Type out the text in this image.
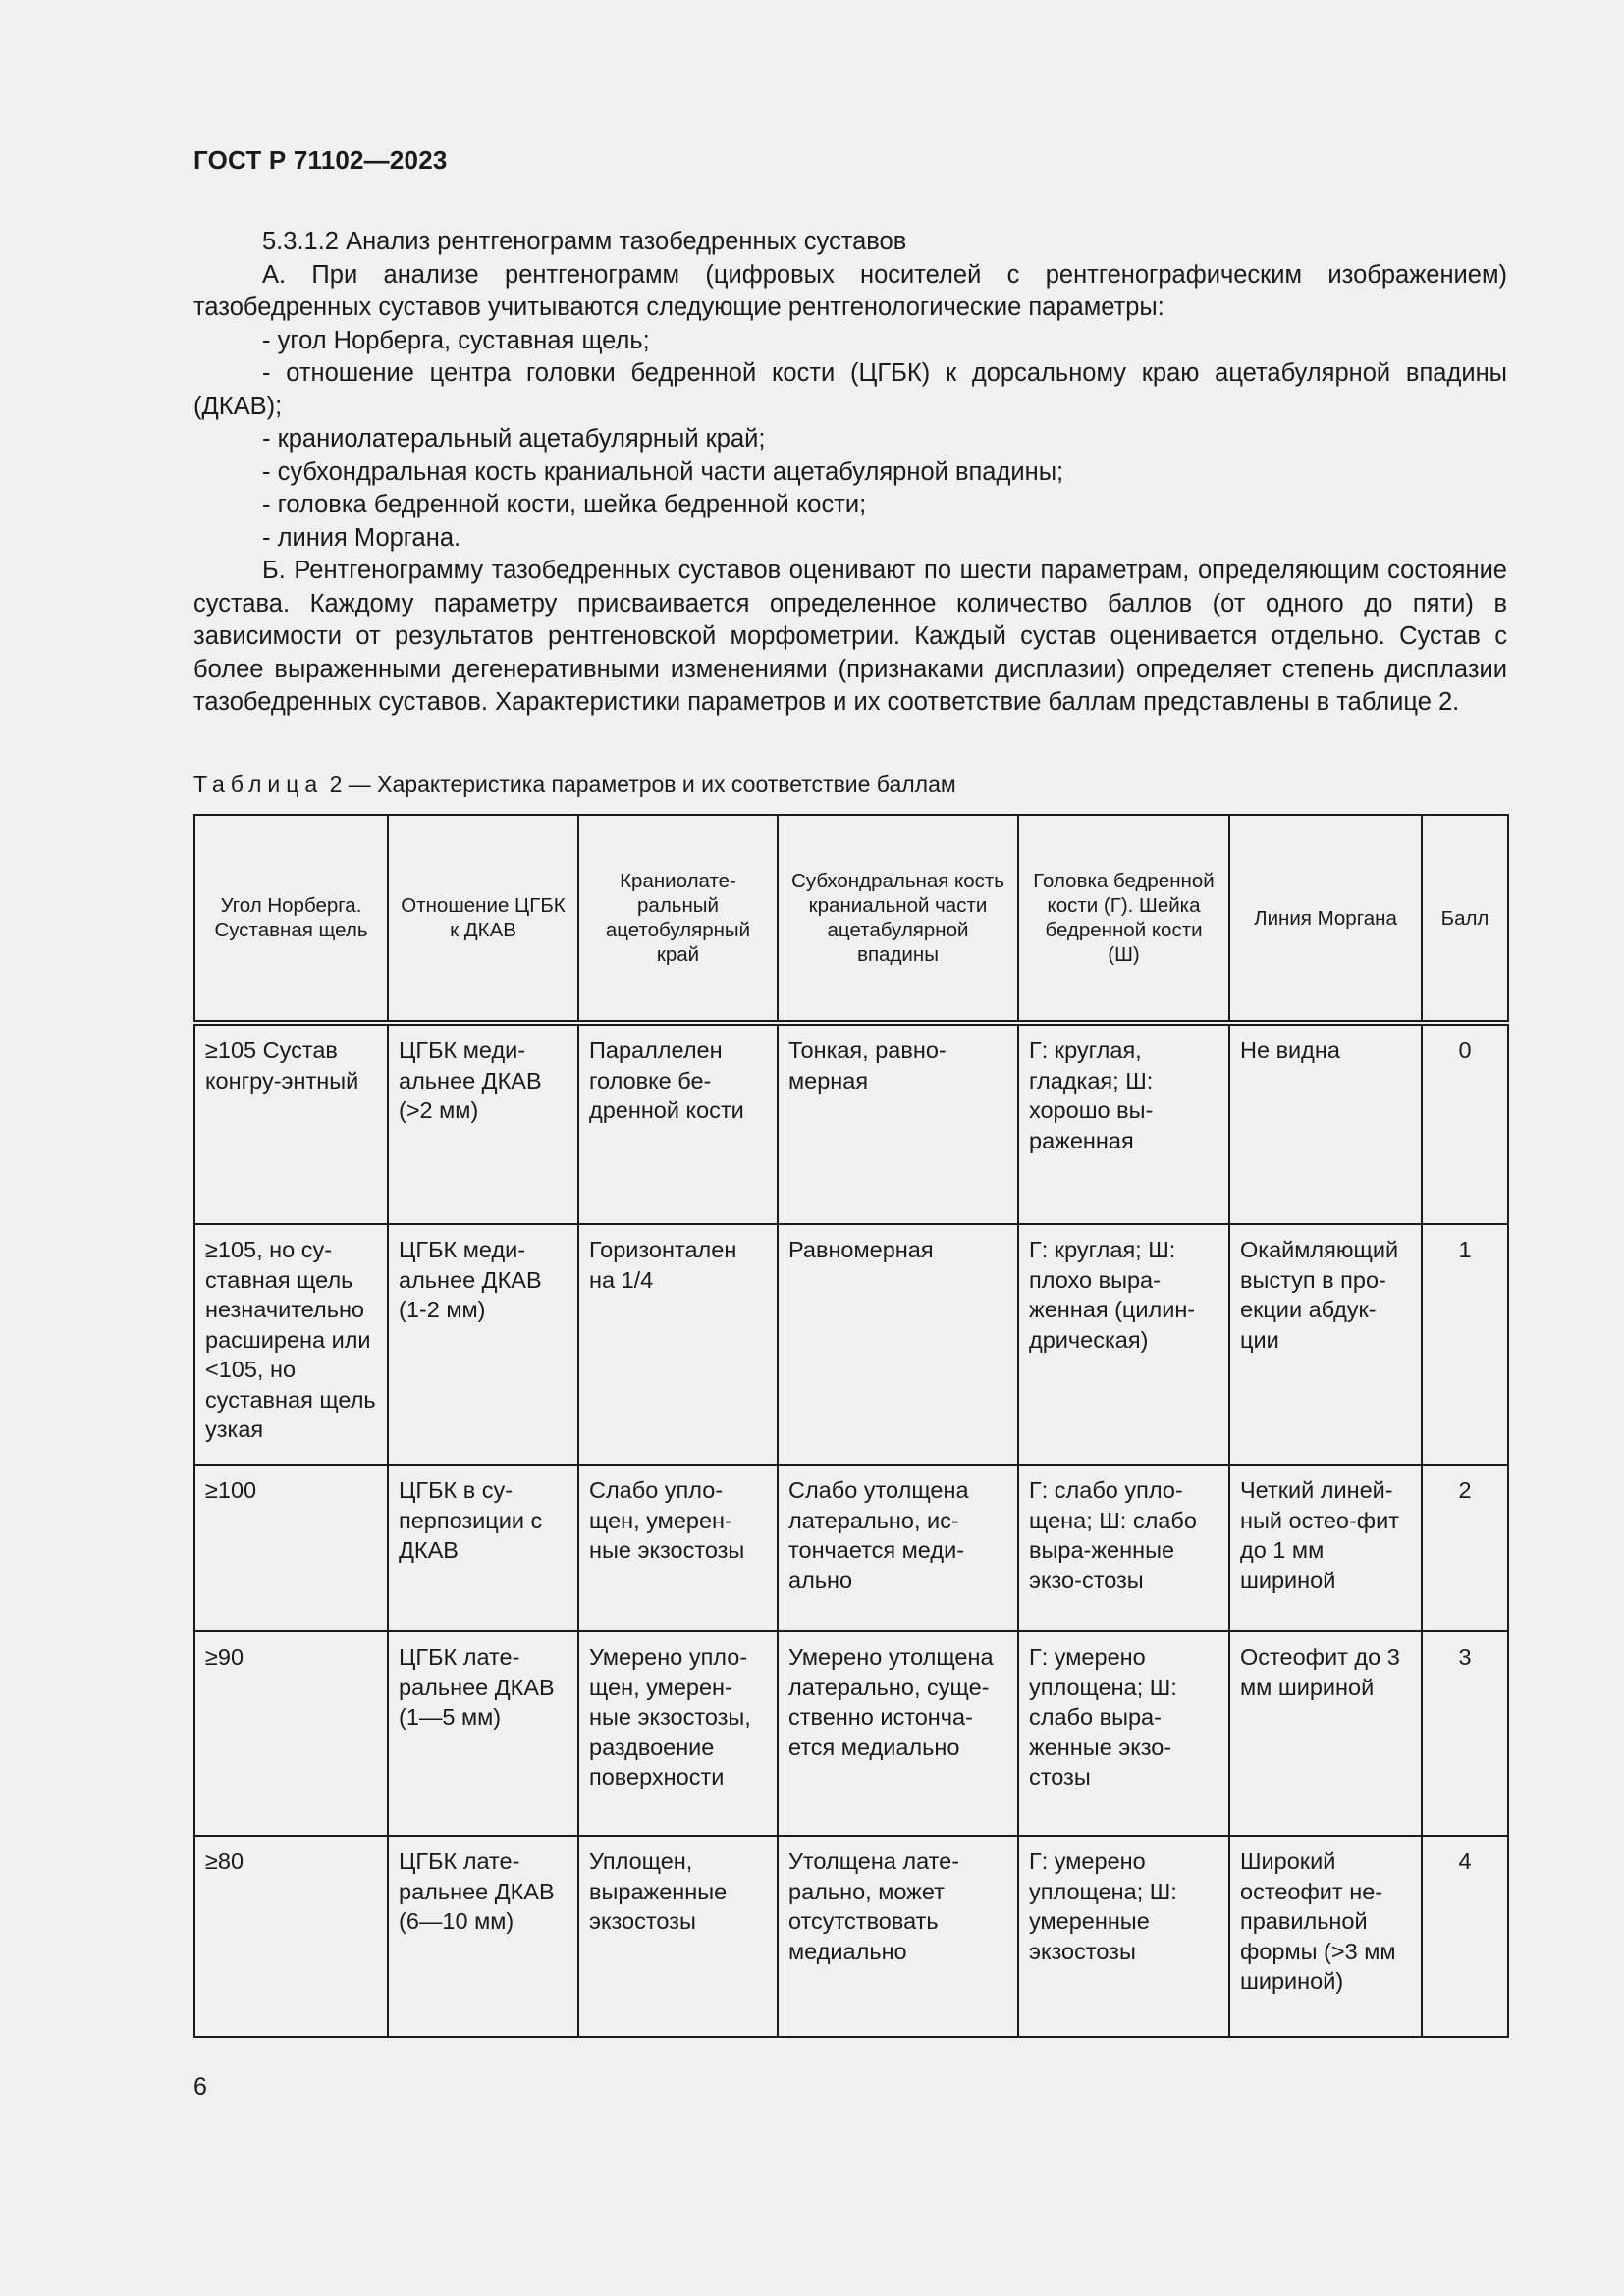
ГОСТ Р 71102—2023

5.3.1.2 Анализ рентгенограмм тазобедренных суставов

А. При анализе рентгенограмм (цифровых носителей с рентгенографическим изображением) тазобедренных суставов учитываются следующие рентгенологические параметры:

- угол Норберга, суставная щель;

- отношение центра головки бедренной кости (ЦГБК) к дорсальному краю ацетабулярной впадины (ДКАВ);

- краниолатеральный ацетабулярный край;

- субхондральная кость краниальной части ацетабулярной впадины;

- головка бедренной кости, шейка бедренной кости;

- линия Моргана.

Б. Рентгенограмму тазобедренных суставов оценивают по шести параметрам, определяющим состояние сустава. Каждому параметру присваивается определенное количество баллов (от одного до пяти) в зависимости от результатов рентгеновской морфометрии. Каждый сустав оценивается отдельно. Сустав с более выраженными дегенеративными изменениями (признаками дисплазии) определяет степень дисплазии тазобедренных суставов. Характеристики параметров и их соответствие баллам представлены в таблице 2.

Таблица 2 — Характеристика параметров и их соответствие баллам
Угол Норберга. Суставная щель	Отношение ЦГБК к ДКАВ	Краниолате-ральный ацетобулярный край	Субхондральная кость краниальной части ацетабулярной впадины	Головка бедренной кости (Г). Шейка бедренной кости (Ш)	Линия Моргана	Балл
≥105 Сустав конгру-энтный	ЦГБК меди-альнее ДКАВ (>2 мм)	Параллелен головке бе-дренной кости	Тонкая, равно-мерная	Г: круглая, гладкая; Ш: хорошо вы-раженная	Не видна	0
≥105, но су-ставная щель незначительно расширена или <105, но суставная щель узкая	ЦГБК меди-альнее ДКАВ (1-2 мм)	Горизонтален на 1/4	Равномерная	Г: круглая; Ш: плохо выра-женная (цилин-дрическая)	Окаймляющий выступ в про-екции абдук-ции	1
≥100	ЦГБК в су-перпозиции с ДКАВ	Слабо упло-щен, умерен-ные экзостозы	Слабо утолщена латерально, ис-тончается меди-ально	Г: слабо упло-щена; Ш: слабо выра-женные экзо-стозы	Четкий линей-ный остео-фит до 1 мм шириной	2
≥90	ЦГБК лате-ральнее ДКАВ (1—5 мм)	Умерено упло-щен, умерен-ные экзостозы, раздвоение поверхности	Умерено утолщена латерально, суще-ственно истонча-ется медиально	Г: умерено уплощена; Ш: слабо выра-женные экзо-стозы	Остеофит до 3 мм шириной	3
≥80	ЦГБК лате-ральнее ДКАВ (6—10 мм)	Уплощен, выраженные экзостозы	Утолщена лате-рально, может отсутствовать медиально	Г: умерено уплощена; Ш: умеренные экзостозы	Широкий остеофит не-правильной формы (>3 мм шириной)	4
6
